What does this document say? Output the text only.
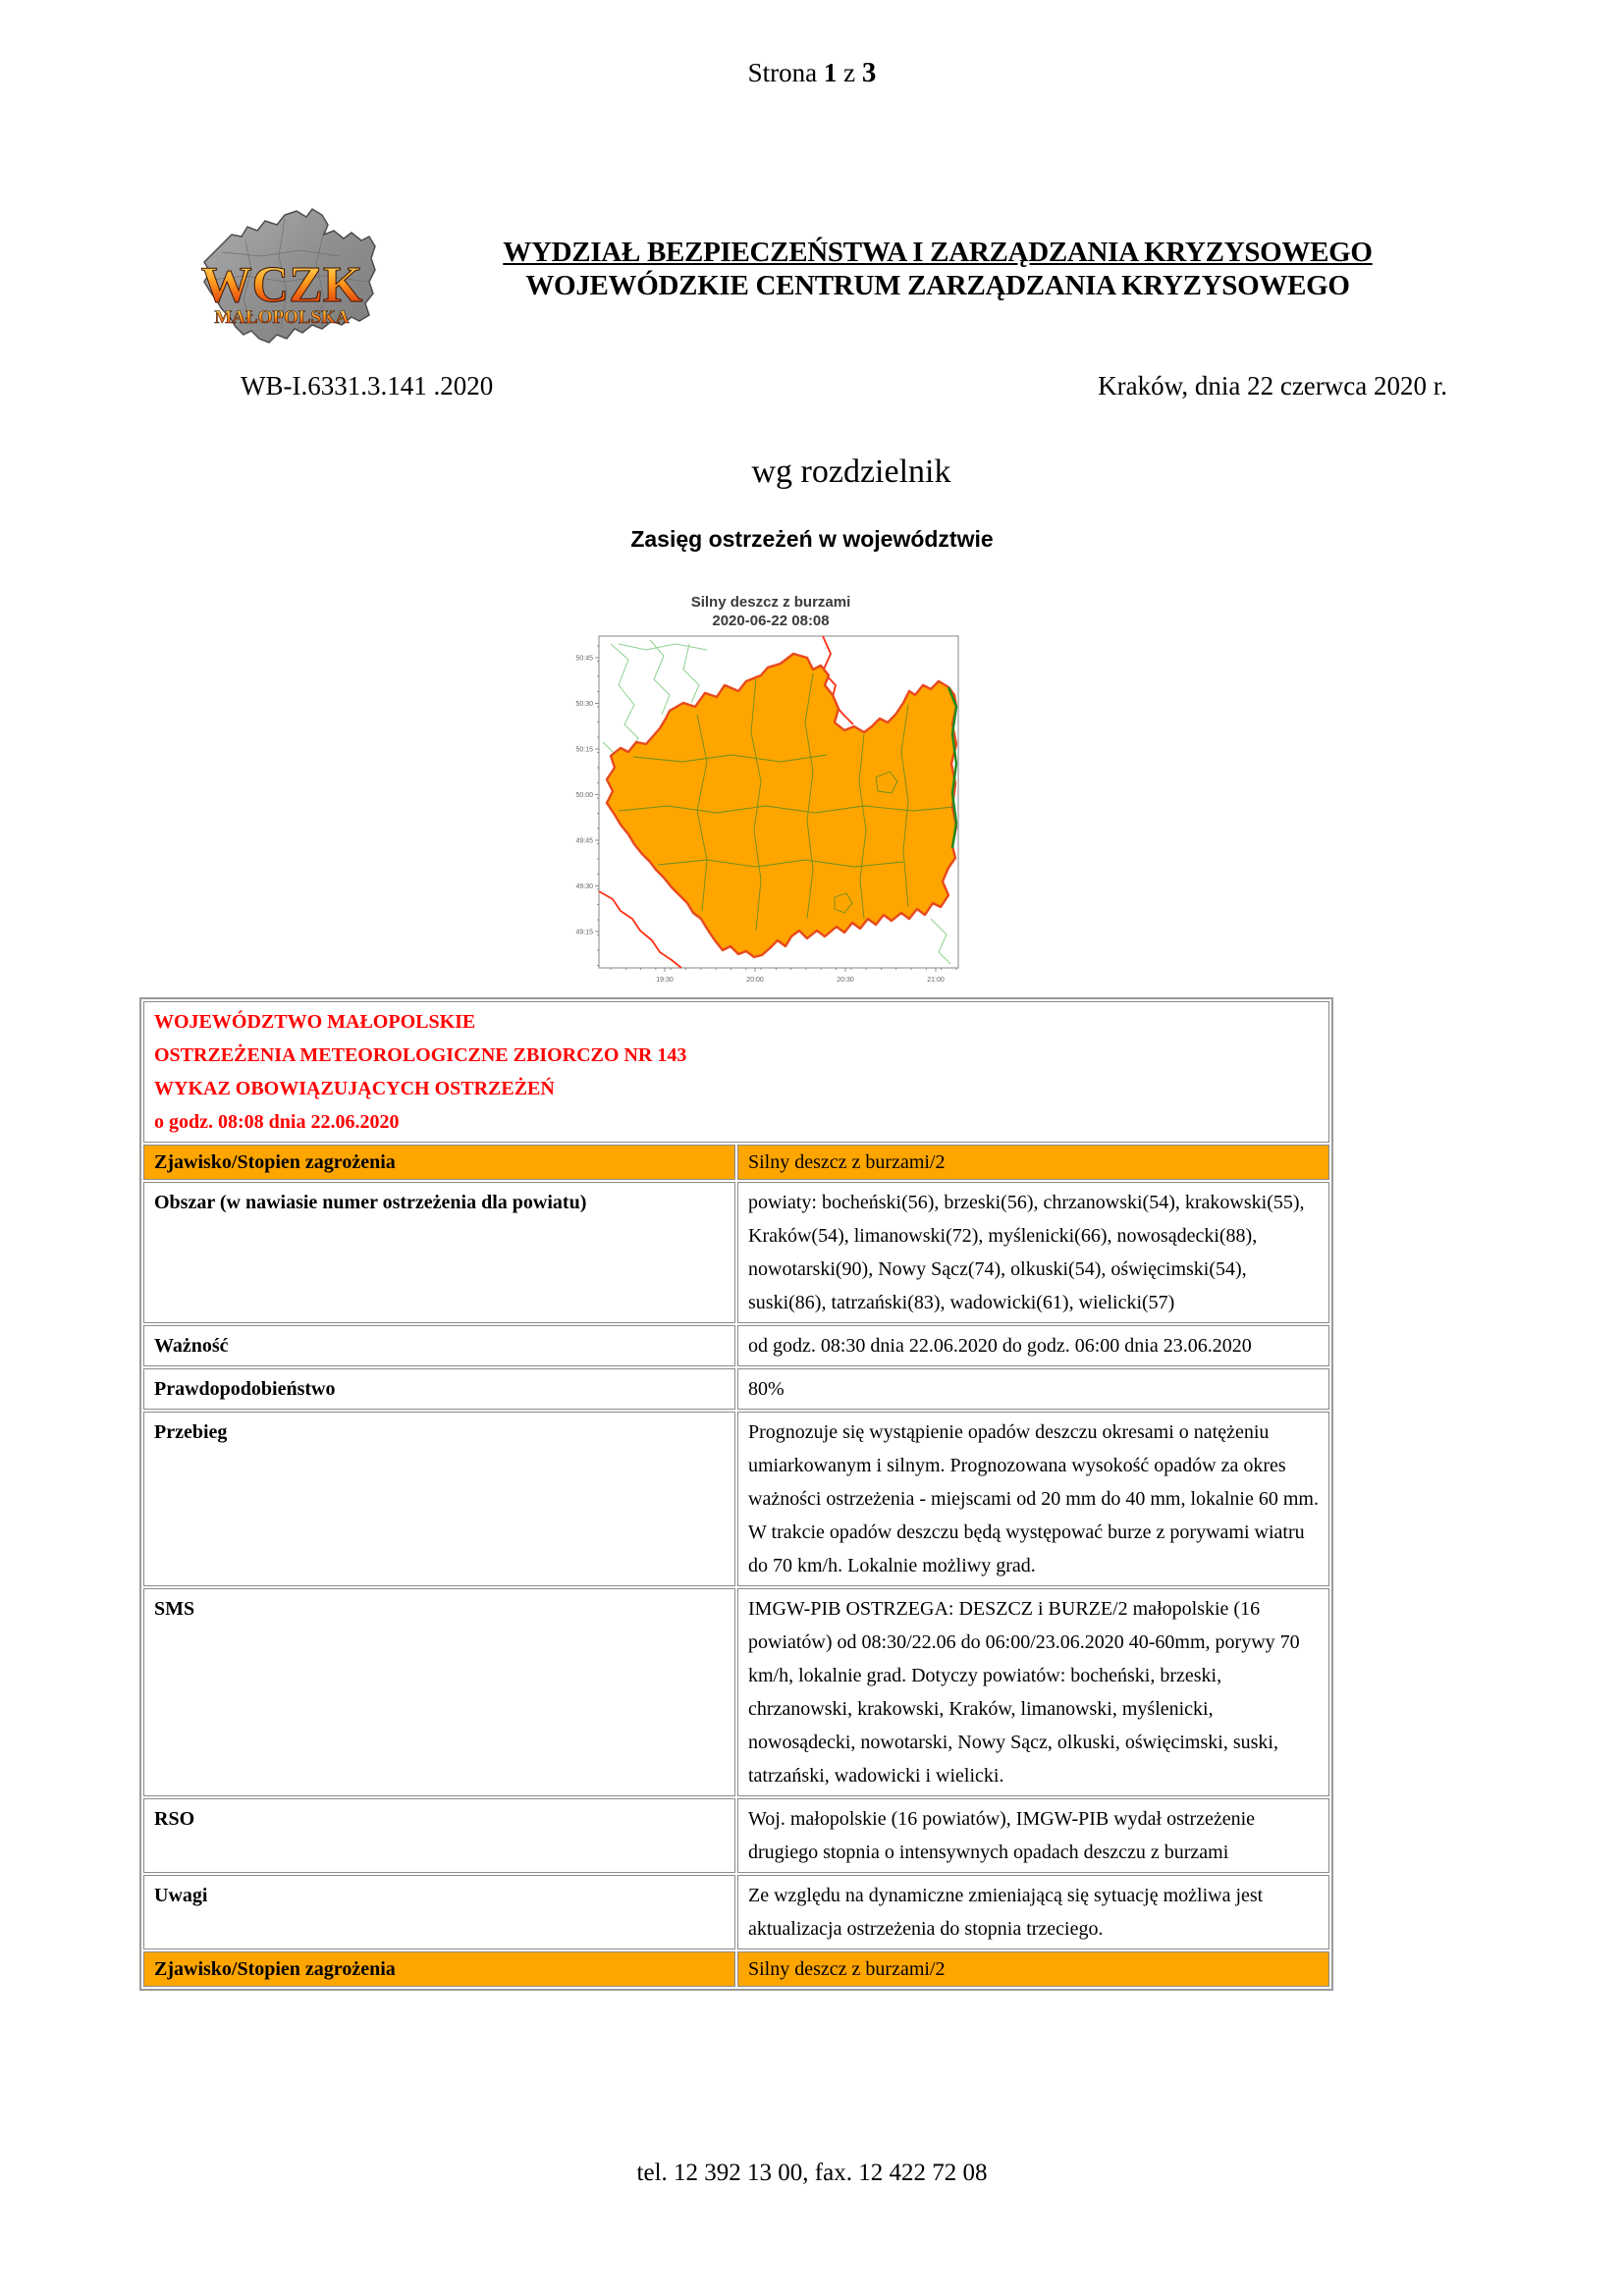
Strona 1 z 3
WCZK
MAŁOPOLSKA
WYDZIAŁ BEZPIECZEŃSTWA I ZARZĄDZANIA KRYZYSOWEGO
WOJEWÓDZKIE CENTRUM ZARZĄDZANIA KRYZYSOWEGO
WB-I.6331.3.141 .2020	Kraków, dnia 22 czerwca 2020 r.
wg rozdzielnik
Zasięg ostrzeżeń w województwie
Silny deszcz z burzami
2020-06-22 08:08
50:45
50:30
50:15
50:00
49:45
49:30
49:15
19:30	20:00	20:30	21:00
WOJEWÓDZTWO MAŁOPOLSKIE
OSTRZEŻENIA METEOROLOGICZNE ZBIORCZO NR 143
WYKAZ OBOWIĄZUJĄCYCH OSTRZEŻEŃ
o godz. 08:08 dnia 22.06.2020	

Zjawisko/Stopien zagrożenia	Silny deszcz z burzami/2
Obszar (w nawiasie numer ostrzeżenia dla powiatu)	powiaty: bocheński(56), brzeski(56), chrzanowski(54), krakowski(55), Kraków(54), limanowski(72), myślenicki(66), nowosądecki(88), nowotarski(90), Nowy Sącz(74), olkuski(54), oświęcimski(54), suski(86), tatrzański(83), wadowicki(61), wielicki(57)
Ważność	od godz. 08:30 dnia 22.06.2020 do godz. 06:00 dnia 23.06.2020
Prawdopodobieństwo	80%
Przebieg	Prognozuje się wystąpienie opadów deszczu okresami o natężeniu umiarkowanym i silnym. Prognozowana wysokość opadów za okres ważności ostrzeżenia - miejscami od 20 mm do 40 mm, lokalnie 60 mm. W trakcie opadów deszczu będą występować burze z porywami wiatru do 70 km/h. Lokalnie możliwy grad.
SMS	IMGW-PIB OSTRZEGA: DESZCZ i BURZE/2 małopolskie (16 powiatów) od 08:30/22.06 do 06:00/23.06.2020 40-60mm, porywy 70 km/h, lokalnie grad. Dotyczy powiatów: bocheński, brzeski, chrzanowski, krakowski, Kraków, limanowski, myślenicki, nowosądecki, nowotarski, Nowy Sącz, olkuski, oświęcimski, suski, tatrzański, wadowicki i wielicki.
RSO	Woj. małopolskie (16 powiatów), IMGW-PIB wydał ostrzeżenie drugiego stopnia o intensywnych opadach deszczu z burzami
Uwagi	Ze względu na dynamiczne zmieniającą się sytuację możliwa jest aktualizacja ostrzeżenia do stopnia trzeciego.
Zjawisko/Stopien zagrożenia	Silny deszcz z burzami/2
tel. 12 392 13 00, fax. 12 422 72 08
